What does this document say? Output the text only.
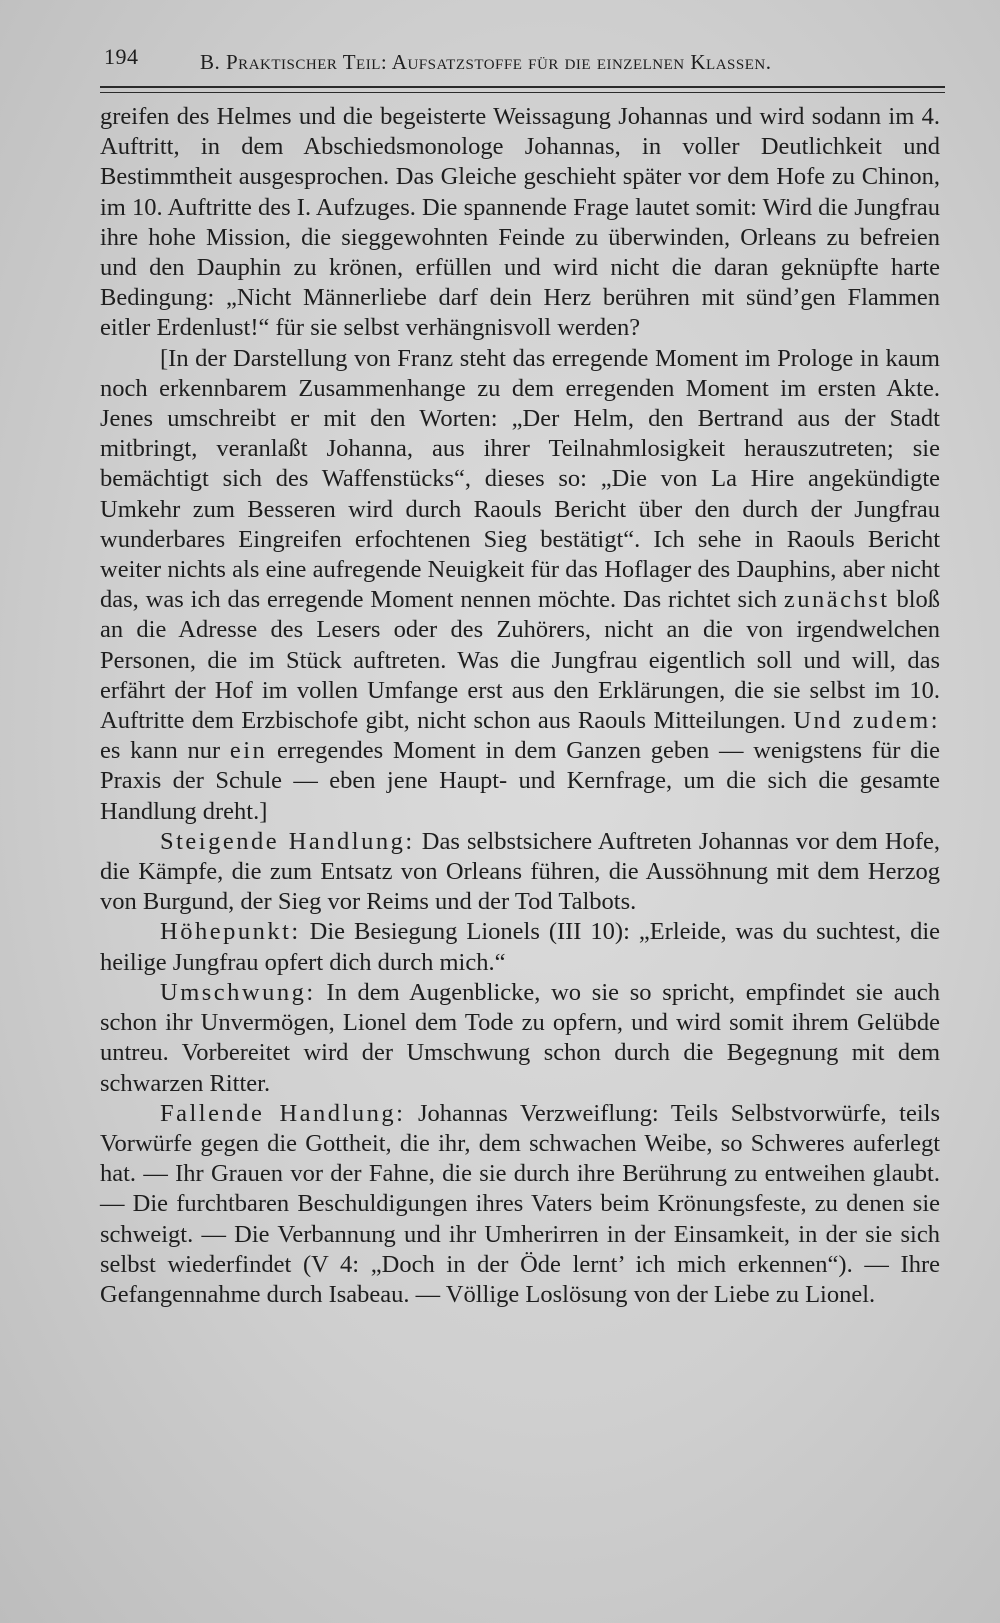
194	B. Praktischer Teil: Aufsatzstoffe für die einzelnen Klassen.

greifen des Helmes und die begeisterte Weissagung Johannas und wird sodann im 4. Auftritt, in dem Abschiedsmonologe Johannas, in voller Deutlichkeit und Bestimmtheit ausgesprochen. Das Gleiche geschieht später vor dem Hofe zu Chinon, im 10. Auftritte des I. Aufzuges. Die spannende Frage lautet somit: Wird die Jungfrau ihre hohe Mission, die sieggewohnten Feinde zu überwinden, Orleans zu befreien und den Dauphin zu krönen, erfüllen und wird nicht die daran geknüpfte harte Bedingung: „Nicht Männerliebe darf dein Herz berühren mit sünd’gen Flammen eitler Erdenlust!“ für sie selbst verhängnisvoll werden?

[In der Darstellung von Franz steht das erregende Moment im Prologe in kaum noch erkennbarem Zusammenhange zu dem erregenden Moment im ersten Akte. Jenes umschreibt er mit den Worten: „Der Helm, den Bertrand aus der Stadt mitbringt, veranlaßt Johanna, aus ihrer Teilnahmlosigkeit herauszutreten; sie bemächtigt sich des Waffenstücks“, dieses so: „Die von La Hire angekündigte Umkehr zum Besseren wird durch Raouls Bericht über den durch der Jungfrau wunderbares Eingreifen erfochtenen Sieg bestätigt“. Ich sehe in Raouls Bericht weiter nichts als eine aufregende Neuigkeit für das Hoflager des Dauphins, aber nicht das, was ich das erregende Moment nennen möchte. Das richtet sich zunächst bloß an die Adresse des Lesers oder des Zuhörers, nicht an die von irgendwelchen Personen, die im Stück auftreten. Was die Jungfrau eigentlich soll und will, das erfährt der Hof im vollen Umfange erst aus den Erklärungen, die sie selbst im 10. Auftritte dem Erzbischofe gibt, nicht schon aus Raouls Mitteilungen. Und zudem: es kann nur ein erregendes Moment in dem Ganzen geben — wenigstens für die Praxis der Schule — eben jene Haupt- und Kernfrage, um die sich die gesamte Handlung dreht.]

Steigende Handlung: Das selbstsichere Auftreten Johannas vor dem Hofe, die Kämpfe, die zum Entsatz von Orleans führen, die Aussöhnung mit dem Herzog von Burgund, der Sieg vor Reims und der Tod Talbots.

Höhepunkt: Die Besiegung Lionels (III 10): „Erleide, was du suchtest, die heilige Jungfrau opfert dich durch mich.“

Umschwung: In dem Augenblicke, wo sie so spricht, empfindet sie auch schon ihr Unvermögen, Lionel dem Tode zu opfern, und wird somit ihrem Gelübde untreu. Vorbereitet wird der Umschwung schon durch die Begegnung mit dem schwarzen Ritter.

Fallende Handlung: Johannas Verzweiflung: Teils Selbstvorwürfe, teils Vorwürfe gegen die Gottheit, die ihr, dem schwachen Weibe, so Schweres auferlegt hat. — Ihr Grauen vor der Fahne, die sie durch ihre Berührung zu entweihen glaubt. — Die furchtbaren Beschuldigungen ihres Vaters beim Krönungsfeste, zu denen sie schweigt. — Die Verbannung und ihr Umherirren in der Einsamkeit, in der sie sich selbst wiederfindet (V 4: „Doch in der Öde lernt’ ich mich erkennen“). — Ihre Gefangennahme durch Isabeau. — Völlige Loslösung von der Liebe zu Lionel.
